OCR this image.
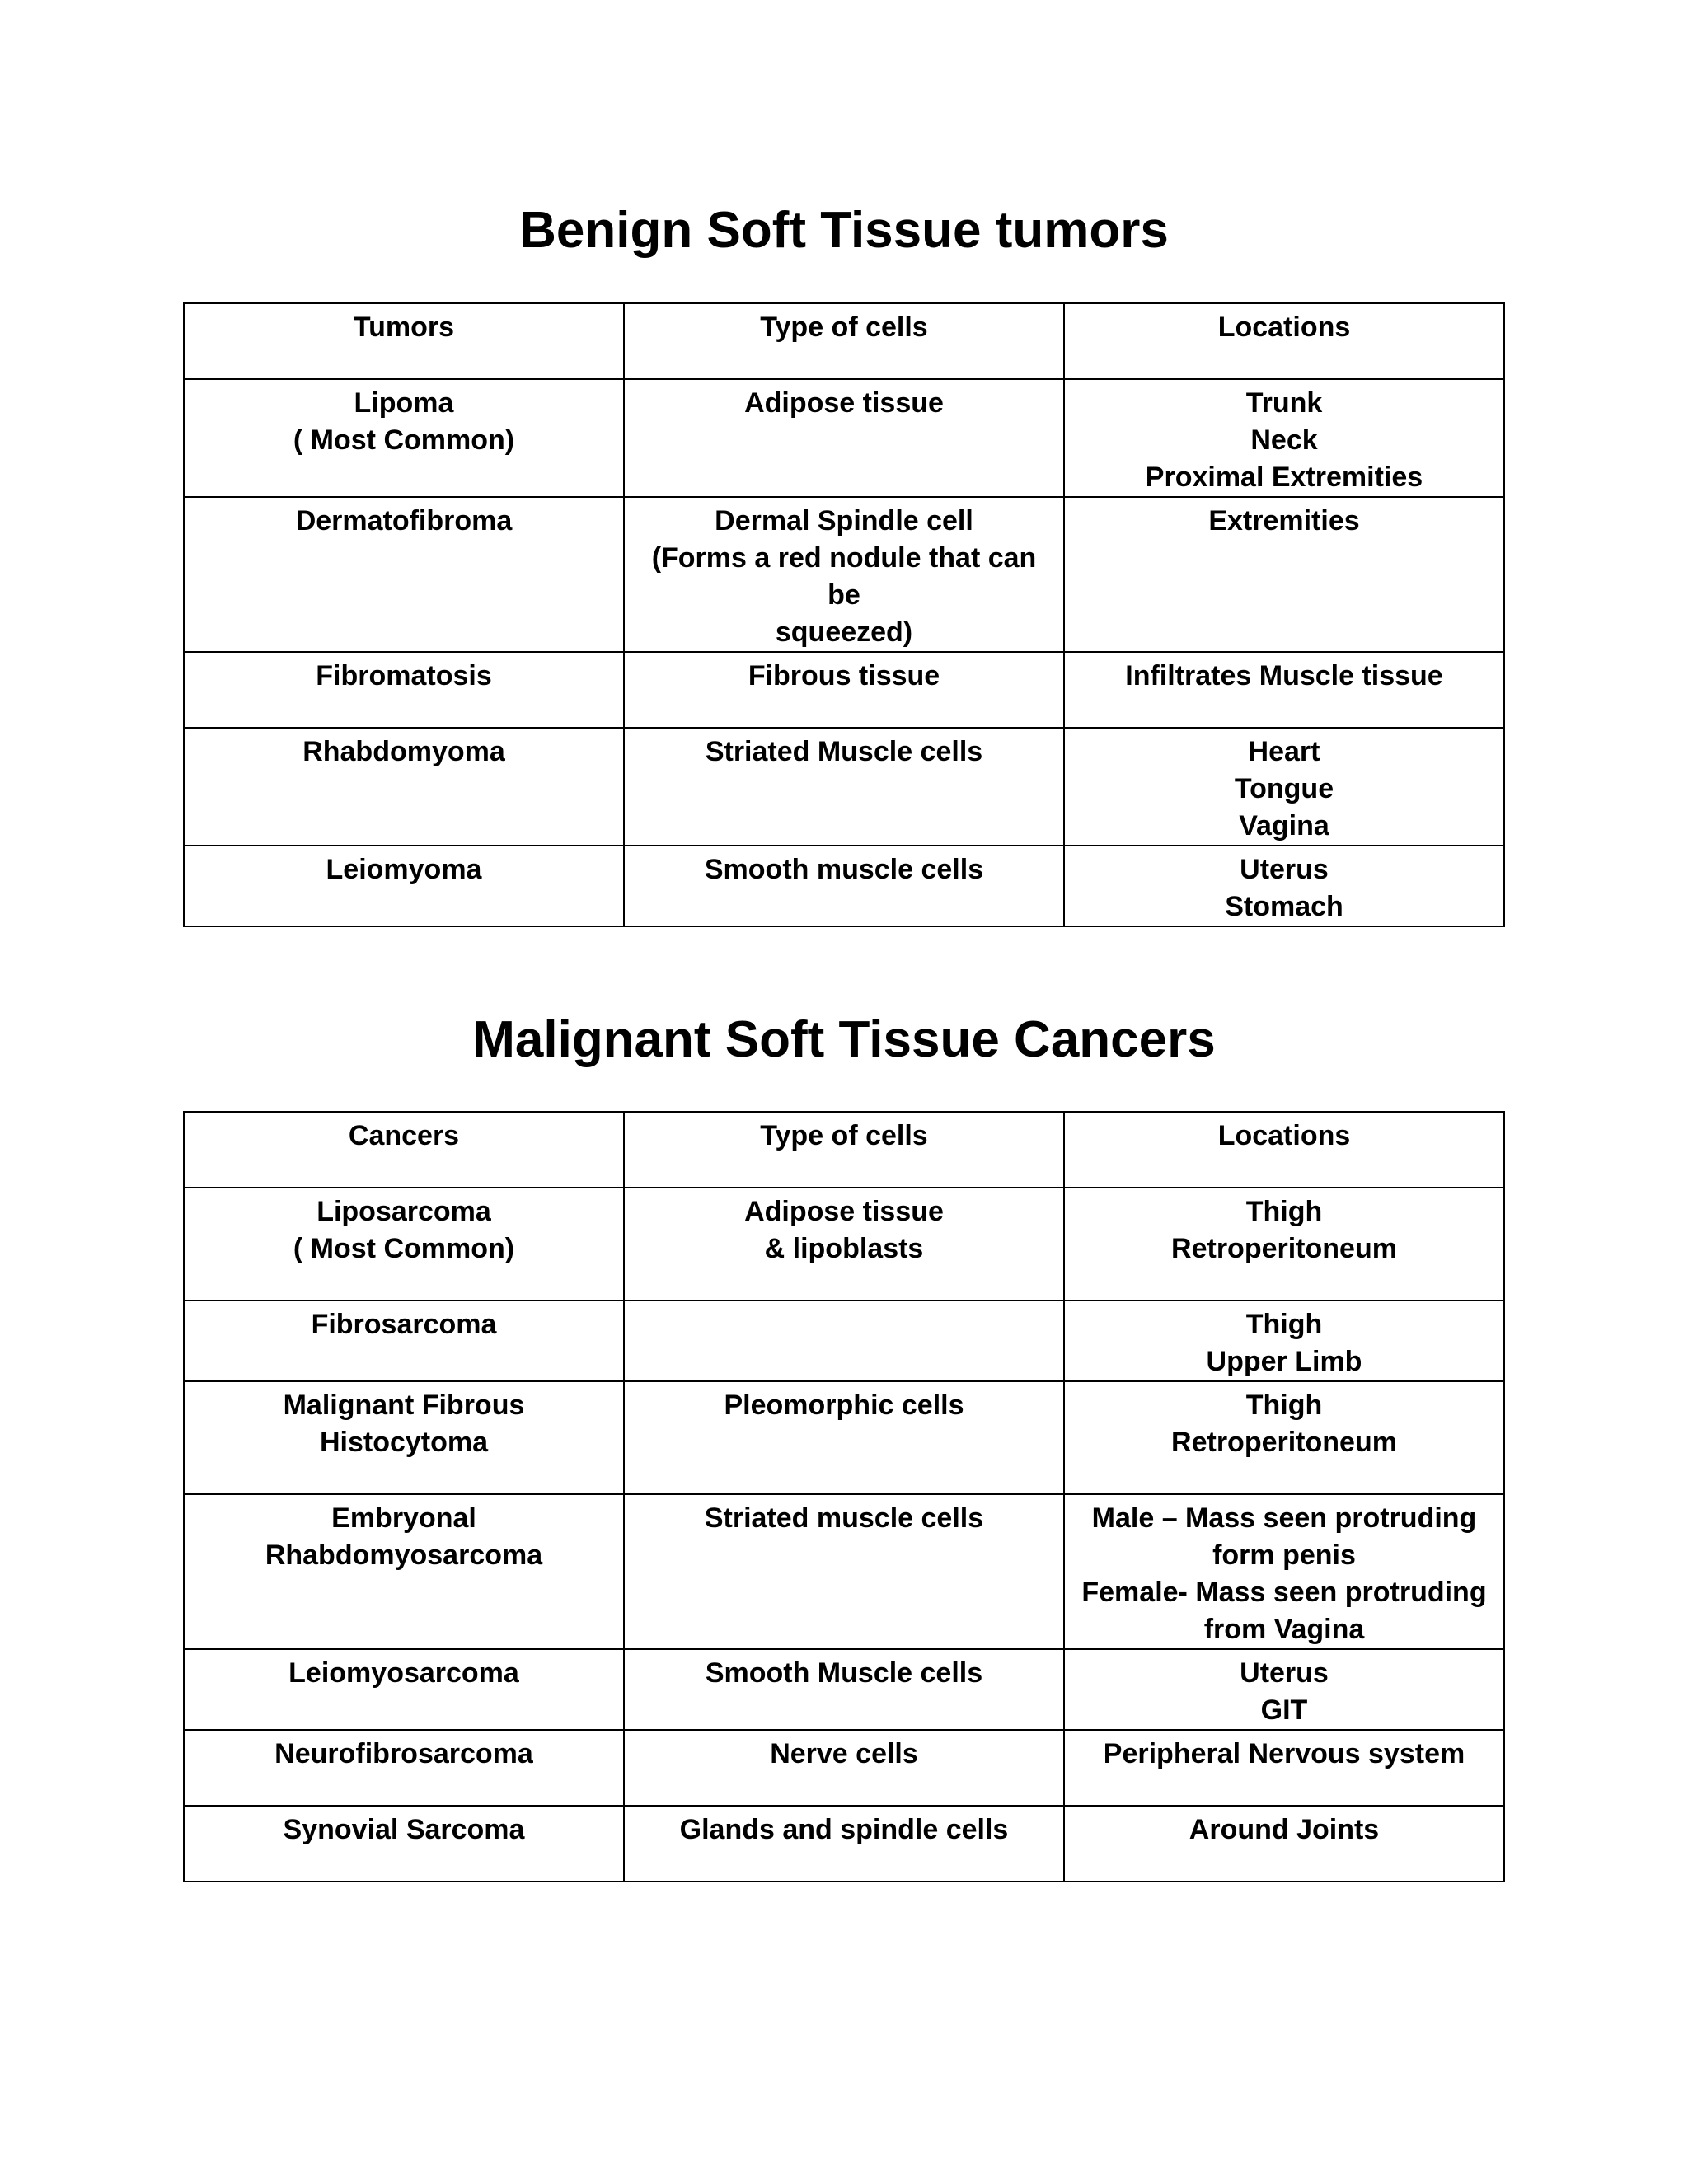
Benign Soft Tissue tumors
Tumors	Type of cells	Locations

Lipoma
( Most Common)	Adipose tissue	Trunk
Neck
Proximal Extremities

Dermatofibroma	Dermal Spindle cell
(Forms a red nodule that can be
squeezed)	Extremities

Fibromatosis	Fibrous tissue	Infiltrates Muscle tissue

Rhabdomyoma	Striated Muscle cells	Heart
Tongue
Vagina

Leiomyoma	Smooth muscle cells	Uterus
Stomach
Malignant Soft Tissue Cancers
Cancers	Type of cells	Locations

Liposarcoma
( Most Common)	Adipose tissue
& lipoblasts	Thigh
Retroperitoneum

Fibrosarcoma		Thigh
Upper Limb

Malignant Fibrous
Histocytoma	Pleomorphic cells	Thigh
Retroperitoneum

Embryonal
Rhabdomyosarcoma	Striated muscle cells	Male – Mass seen protruding
form penis
Female- Mass seen protruding
from Vagina

Leiomyosarcoma	Smooth Muscle cells	Uterus
GIT

Neurofibrosarcoma	Nerve cells	Peripheral Nervous system

Synovial Sarcoma	Glands and spindle cells	Around Joints
